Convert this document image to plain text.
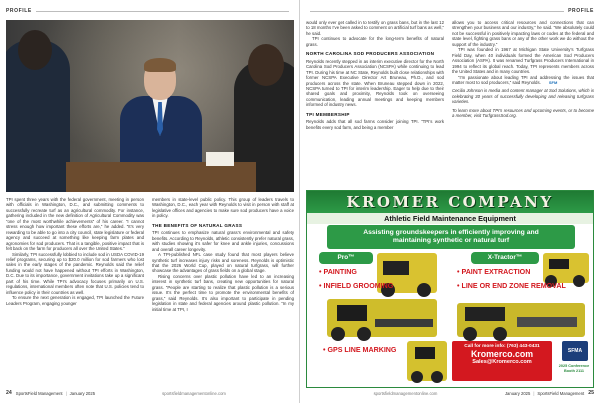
PROFILE

TPI spent three years with the federal government, meeting in person with officials in Washington, D.C., and submitting comments to successfully recreate turf as an agricultural commodity. For instance, gathering included in the new definition of Agricultural Commodity was “one of the most worthwhile achievements” of his career. “I cannot stress enough how important these efforts are,” he added. “It’s very rewarding to be able to go into a city council, state legislature or federal agency and succeed at something like keeping farm plates and agronomies for sod producers. That is a tangible, positive impact that is felt back on the farm for producers all over the United States.”

Similarly, TPI successfully lobbied to include sod in USDA COVID-19 relief programs, securing up to $20.0 million for sod farmers who lost sales in the early stages of the pandemic. Reynolds said the relief funding would not have happened without TPI efforts in Washington, D.C. Due to its importance, government invitations take up a significant part of his time. While TPI’s advocacy focuses primarily on U.S. regulations, international members often note that U.S. policies tend to influence policy in their countries as well.

To ensure the next generation is engaged, TPI launched the Future Leaders Program, engaging younger

members in state-level public policy. This group of leaders travels to Washington, D.C., each year with Reynolds to visit in person with staff at legislative offices and agencies to make sure sod producers have a voice in policy.

THE BENEFITS OF NATURAL GRASS

TPI continues to emphasize natural grass’s environmental and safety benefits. According to Reynolds, athletic consistently prefer natural grass, with studies showing it’s safer for knee and ankle injuries, concussions and overall career longevity.

A TPI-published NFL case study found that most players believe synthetic turf increases injury risks and soreness. Reynolds is optimistic that the 2026 World Cup, played on natural turfgrass, will further showcase the advantages of grass fields on a global stage.

Rising concerns over plastic pollution have led to an increasing interest in synthetic turf bans, creating new opportunities for natural grass. “People are starting to realize that plastic pollution is a serious issue. It’s the perfect time to promote the environmental benefits of grass,” said Reynolds. It’s also important to participate in pending legislation in state and federal agencies around plastic pollution. “In my initial time at TPI, I

24 SportsField Management | January 2025	sportsfieldmanagementonline.com
PROFILE

would only ever get called in to testify on grass bans, but in the last 12 to 18 months I’ve been asked to comment on artificial turf bans as well,” he said.

TPI continues to advocate for the long-term benefits of natural grass.

NORTH CAROLINA SOD PRODUCERS ASSOCIATION

Reynolds recently stepped in as interim executive director for the North Carolina Sod Producers Association (NCSPA) while continuing to lead TPI. During his time at NC State, Reynolds built close relationships with former NCSPA Executive Director Art Bruneau, Ph.D., and sod producers across the state. When Bruneau stepped down in 2022, NCSPA turned to TPI for interim leadership. Eager to help due to their shared goals and proximity, Reynolds took on overseeing communication, leading annual meetings and keeping members informed of industry news.

TPI MEMBERSHIP

Reynolds adds that all sod farms consider joining TPI. “TPI’s work benefits every sod farm, and being a member

allows you to access critical resources and connections that can strengthen your business and our industry,” he said. “We absolutely could not be successful in positively impacting laws or codes at the federal and state level, fighting grass bans or any of the other work we do without the support of the industry.”

TPI was founded in 1967 at Michigan State University’s Turfgrass Field Day, when 40 individuals formed the American Sod Producers Association (ASPA). It was renamed Turfgrass Producers International in 1994 to reflect its global reach. Today, TPI represents members across the United States and in many countries.

“I’m passionate about leading TPI and addressing the issues that matter most to sod producers,” said Reynolds. SFM

Cecilia Johnson is media and content manager at Sod Solutions, which is celebrating 30 years of successfully developing and releasing turfgrass varieties.

To learn more about TPI’s resources and upcoming events, or to become a member, visit TurfgrassSod.org.

KROMER COMPANY
Athletic Field Maintenance Equipment
Assisting groundskeepers in efficiently improving and
maintaining synthetic or natural turf
Pro™	X-Tractor™
• PAINTING
• INFIELD GROOMING
• PAINT EXTRACTION
• LINE OR END ZONE REMOVAL
• GPS LINE MARKING	Call for more info: (763) 443-0431
Kromerco.com
Sales@Kromerco.com
SFMA
2025 Conference Booth 2111
sportsfieldmanagementonline.com	January 2025 | SportsField Management 25
